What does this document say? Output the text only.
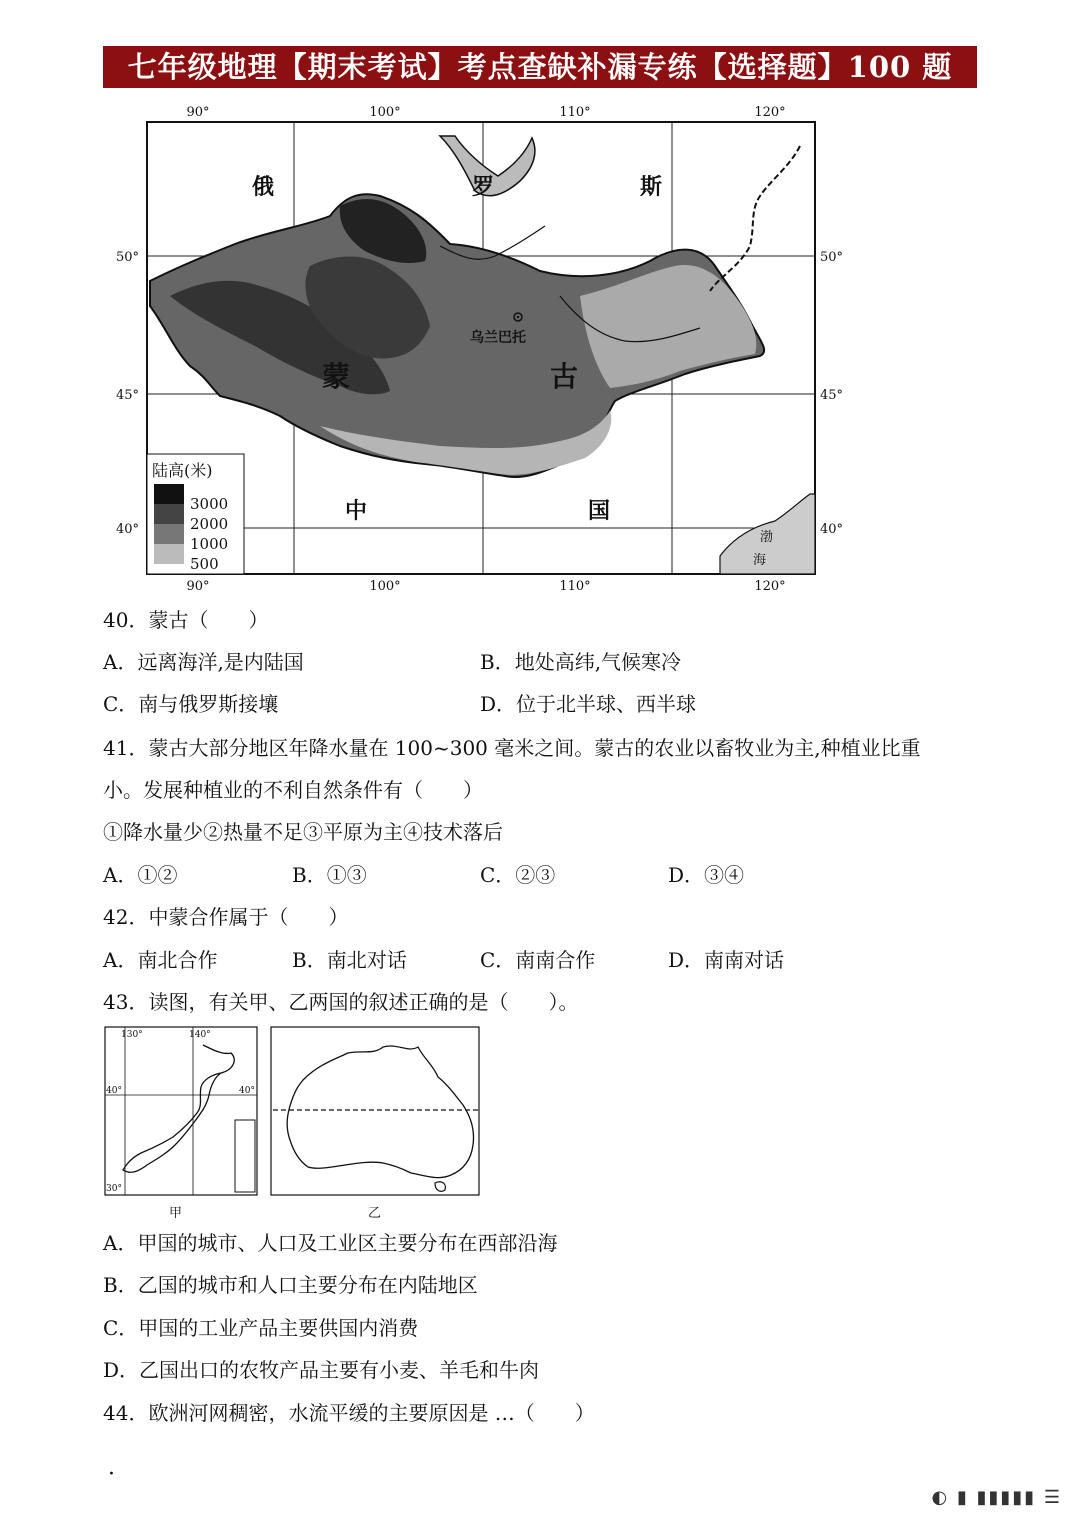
七年级地理【期末考试】考点查缺补漏专练【选择题】100 题
90°	100°	110°	120°
90°	100°	110°	120°
50°
45°
40°
50°
45°
40°
俄	罗	斯
蒙	古
中	国
乌兰巴托
渤
海
陆高(米)
3000
2000
1000
500
40．蒙古（　　）
A．远离海洋,是内陆国	B．地处高纬,气候寒冷
C．南与俄罗斯接壤	D．位于北半球、西半球
41．蒙古大部分地区年降水量在 100~300 毫米之间。蒙古的农业以畜牧业为主,种植业比重
小。发展种植业的不利自然条件有（　　）
①降水量少②热量不足③平原为主④技术落后
A．①②	B．①③	C．②③	D．③④
42．中蒙合作属于（　　）
A．南北合作	B．南北对话	C．南南合作	D．南南对话
43．读图，有关甲、乙两国的叙述正确的是（　　）。
130°	140°
40°	40°
30°
甲	乙
A．甲国的城市、人口及工业区主要分布在西部沿海
B．乙国的城市和人口主要分布在内陆地区
C．甲国的工业产品主要供国内消费
D．乙国出口的农牧产品主要有小麦、羊毛和牛肉
44．欧洲河网稠密，水流平缓的主要原因是 …（　　）
·
◐ ▮ ▮▮▮▮▮ ☰
